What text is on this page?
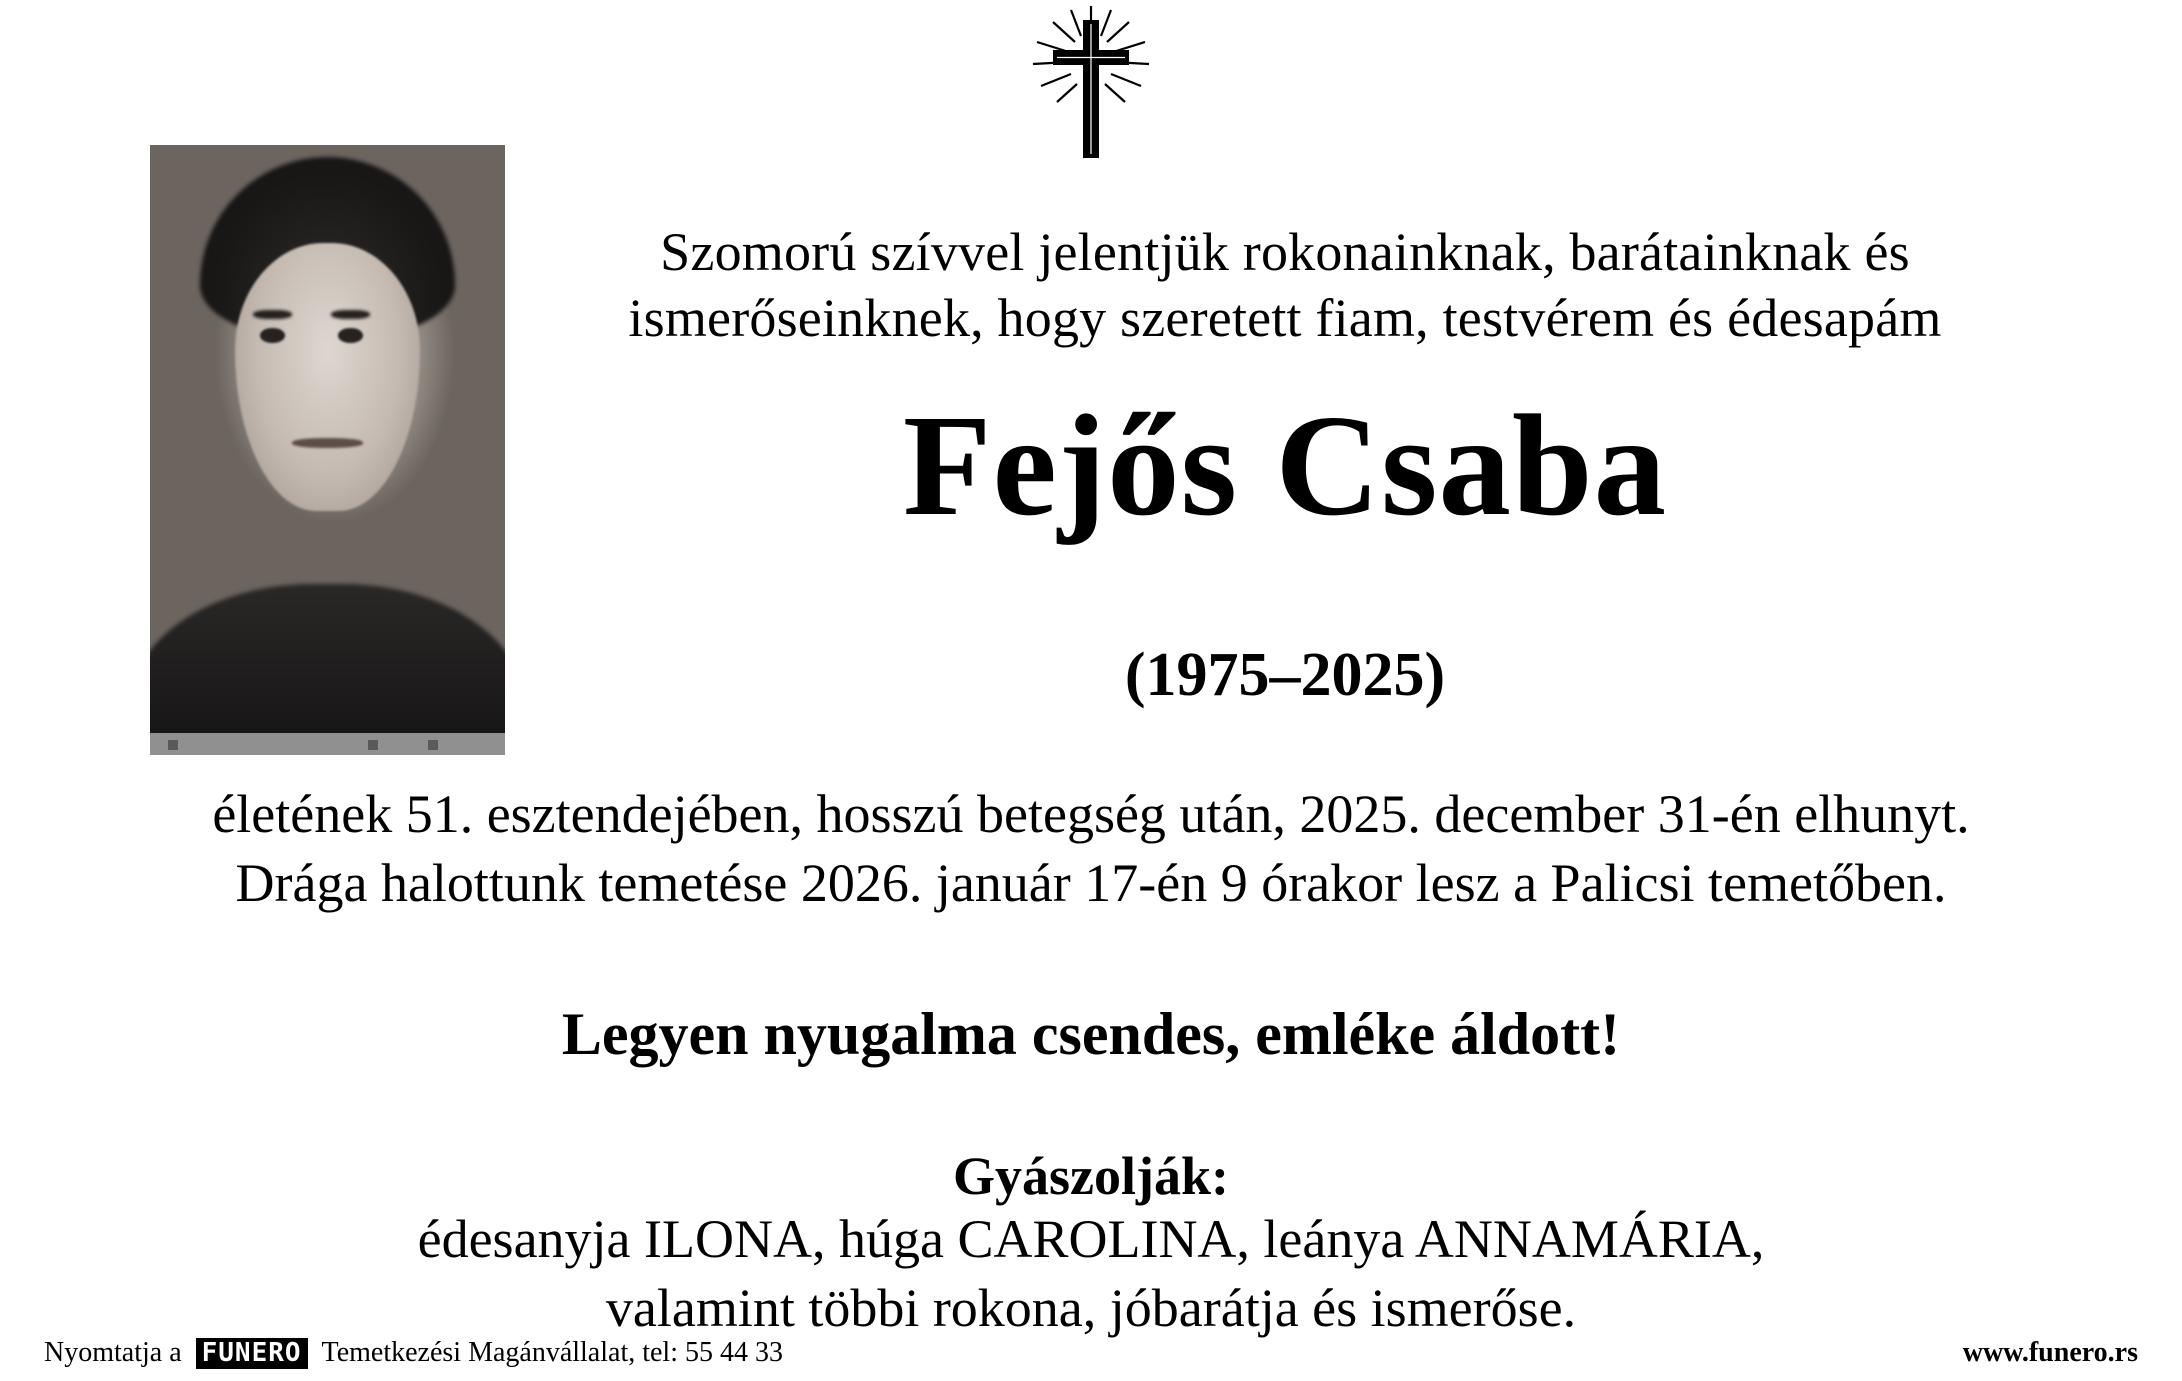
Szomorú szívvel jelentjük rokonainknak, barátainknak és
ismerőseinknek, hogy szeretett fiam, testvérem és édesapám
Fejős Csaba
(1975–2025)
életének 51. esztendejében, hosszú betegség után, 2025. december 31-én elhunyt.
Drága halottunk temetése 2026. január 17-én 9 órakor lesz a Palicsi temetőben.
Legyen nyugalma csendes, emléke áldott!
Gyászolják:
édesanyja ILONA, húga CAROLINA, leánya ANNAMÁRIA,
valamint többi rokona, jóbarátja és ismerőse.
Nyomtatja a FUNERO Temetkezési Magánvállalat, tel: 55 44 33	www.funero.rs
